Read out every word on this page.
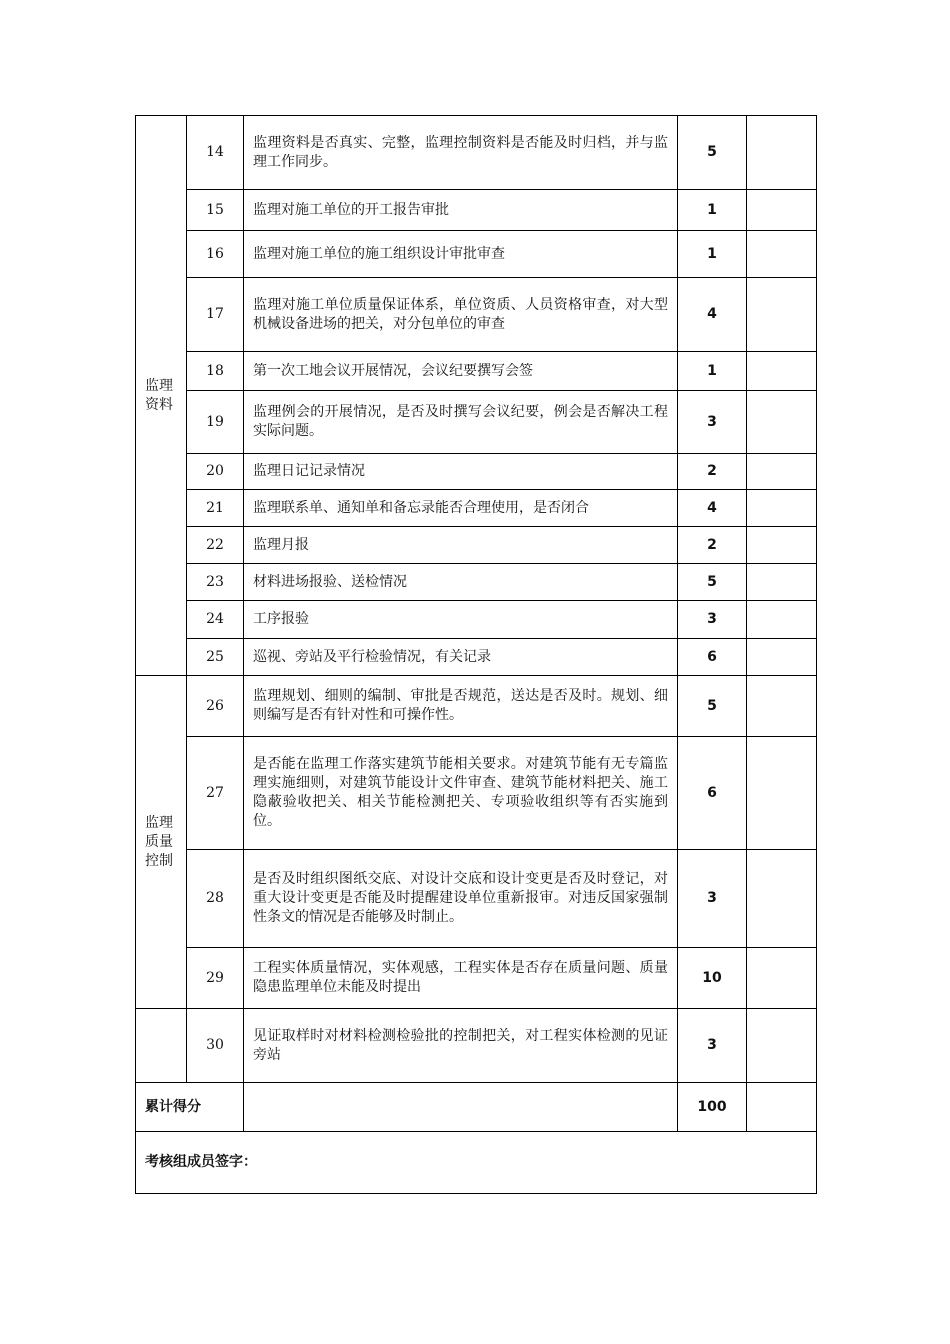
监理资料	14	监理资料是否真实、完整，监理控制资料是否能及时归档，并与监理工作同步。	5	
	15	监理对施工单位的开工报告审批	1	
	16	监理对施工单位的施工组织设计审批审查	1	
	17	监理对施工单位质量保证体系，单位资质、人员资格审查，对大型机械设备进场的把关，对分包单位的审查	4	
	18	第一次工地会议开展情况，会议纪要撰写会签	1	
	19	监理例会的开展情况，是否及时撰写会议纪要，例会是否解决工程实际问题。	3	
	20	监理日记记录情况	2	
	21	监理联系单、通知单和备忘录能否合理使用，是否闭合	4	
	22	监理月报	2	
	23	材料进场报验、送检情况	5	
	24	工序报验	3	
	25	巡视、旁站及平行检验情况，有关记录	6	

监理质量控制	26	监理规划、细则的编制、审批是否规范，送达是否及时。规划、细则编写是否有针对性和可操作性。	5	
	27	是否能在监理工作落实建筑节能相关要求。对建筑节能有无专篇监理实施细则，对建筑节能设计文件审查、建筑节能材料把关、施工隐蔽验收把关、相关节能检测把关、专项验收组织等有否实施到位。	6	
	28	是否及时组织图纸交底、对设计交底和设计变更是否及时登记，对重大设计变更是否能及时提醒建设单位重新报审。对违反国家强制性条文的情况是否能够及时制止。	3	
	29	工程实体质量情况，实体观感，工程实体是否存在质量问题、质量隐患监理单位未能及时提出	10	
	30	见证取样时对材料检测检验批的控制把关，对工程实体检测的见证旁站	3	
累计得分			100	
考核组成员签字：				
